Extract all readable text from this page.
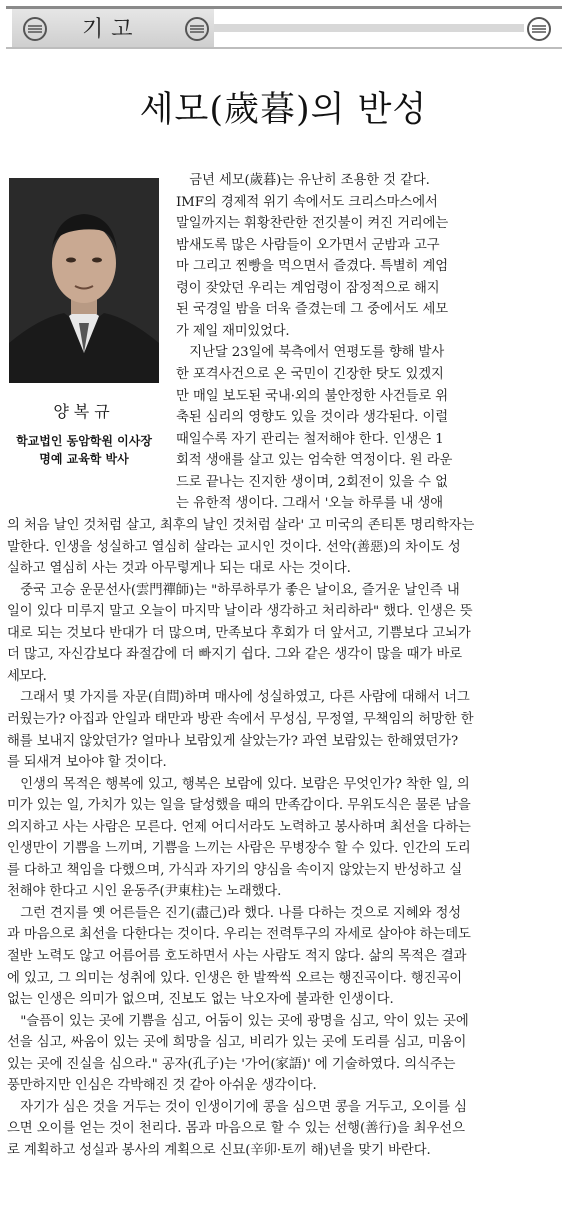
기고
세모(歲暮)의 반성
양복규
학교법인 동암학원 이사장
명예 교육학 박사
　금년 세모(歲暮)는 유난히 조용한 것 같다.
IMF의 경제적 위기 속에서도 크리스마스에서
말일까지는 휘황찬란한 전깃불이 켜진 거리에는
밤새도록 많은 사람들이 오가면서 군밤과 고구
마 그리고 찐빵을 먹으면서 즐겼다. 특별히 계엄
령이 잦았던 우리는 계엄령이 잠정적으로 해지
된 국경일 밤을 더욱 즐겼는데 그 중에서도 세모
가 제일 재미있었다.
　지난달 23일에 북측에서 연평도를 향해 발사
한 포격사건으로 온 국민이 긴장한 탓도 있겠지
만 매일 보도된 국내·외의 불안정한 사건들로 위
축된 심리의 영향도 있을 것이라 생각된다. 이럴
때일수록 자기 관리는 철저해야 한다. 인생은 1
회적 생애를 살고 있는 엄숙한 역정이다. 원 라운
드로 끝나는 진지한 생이며, 2회전이 있을 수 없
는 유한적 생이다. 그래서 '오늘 하루를 내 생애
의 처음 날인 것처럼 살고, 최후의 날인 것처럼 살라' 고 미국의 존티톤 명리학자는
말한다. 인생을 성실하고 열심히 살라는 교시인 것이다. 선악(善惡)의 차이도 성
실하고 열심히 사는 것과 아무렇게나 되는 대로 사는 것이다.
　중국 고승 운문선사(雲門禪師)는 "하루하루가 좋은 날이요, 즐거운 날인즉 내
일이 있다 미루지 말고 오늘이 마지막 날이라 생각하고 처리하라" 했다. 인생은 뜻
대로 되는 것보다 반대가 더 많으며, 만족보다 후회가 더 앞서고, 기쁨보다 고뇌가
더 많고, 자신감보다 좌절감에 더 빠지기 쉽다. 그와 같은 생각이 많을 때가 바로
세모다.
　그래서 몇 가지를 자문(自問)하며 매사에 성실하였고, 다른 사람에 대해서 너그
러웠는가? 아집과 안일과 태만과 방관 속에서 무성심, 무정열, 무책임의 허망한 한
해를 보내지 않았던가? 얼마나 보람있게 살았는가? 과연 보람있는 한해였던가?
를 되새겨 보아야 할 것이다.
　인생의 목적은 행복에 있고, 행복은 보람에 있다. 보람은 무엇인가? 착한 일, 의
미가 있는 일, 가치가 있는 일을 달성했을 때의 만족감이다. 무위도식은 물론 남을
의지하고 사는 사람은 모른다. 언제 어디서라도 노력하고 봉사하며 최선을 다하는
인생만이 기쁨을 느끼며, 기쁨을 느끼는 사람은 무병장수 할 수 있다. 인간의 도리
를 다하고 책임을 다했으며, 가식과 자기의 양심을 속이지 않았는지 반성하고 실
천해야 한다고 시인 윤동주(尹東柱)는 노래했다.
　그런 견지를 옛 어른들은 진기(盡己)라 했다. 나를 다하는 것으로 지혜와 정성
과 마음으로 최선을 다한다는 것이다. 우리는 전력투구의 자세로 살아야 하는데도
절반 노력도 않고 어름어름 호도하면서 사는 사람도 적지 않다. 삶의 목적은 결과
에 있고, 그 의미는 성취에 있다. 인생은 한 발짝씩 오르는 행진곡이다. 행진곡이
없는 인생은 의미가 없으며, 진보도 없는 낙오자에 불과한 인생이다.
　"슬픔이 있는 곳에 기쁨을 심고, 어둠이 있는 곳에 광명을 심고, 악이 있는 곳에
선을 심고, 싸움이 있는 곳에 희망을 심고, 비리가 있는 곳에 도리를 심고, 미움이
있는 곳에 진실을 심으라." 공자(孔子)는 '가어(家語)' 에 기술하였다. 의식주는
풍만하지만 인심은 각박해진 것 같아 아쉬운 생각이다.
　자기가 심은 것을 거두는 것이 인생이기에 콩을 심으면 콩을 거두고, 오이를 심
으면 오이를 얻는 것이 천리다. 몸과 마음으로 할 수 있는 선행(善行)을 최우선으
로 계획하고 성실과 봉사의 계획으로 신묘(辛卯·토끼 해)년을 맞기 바란다.
